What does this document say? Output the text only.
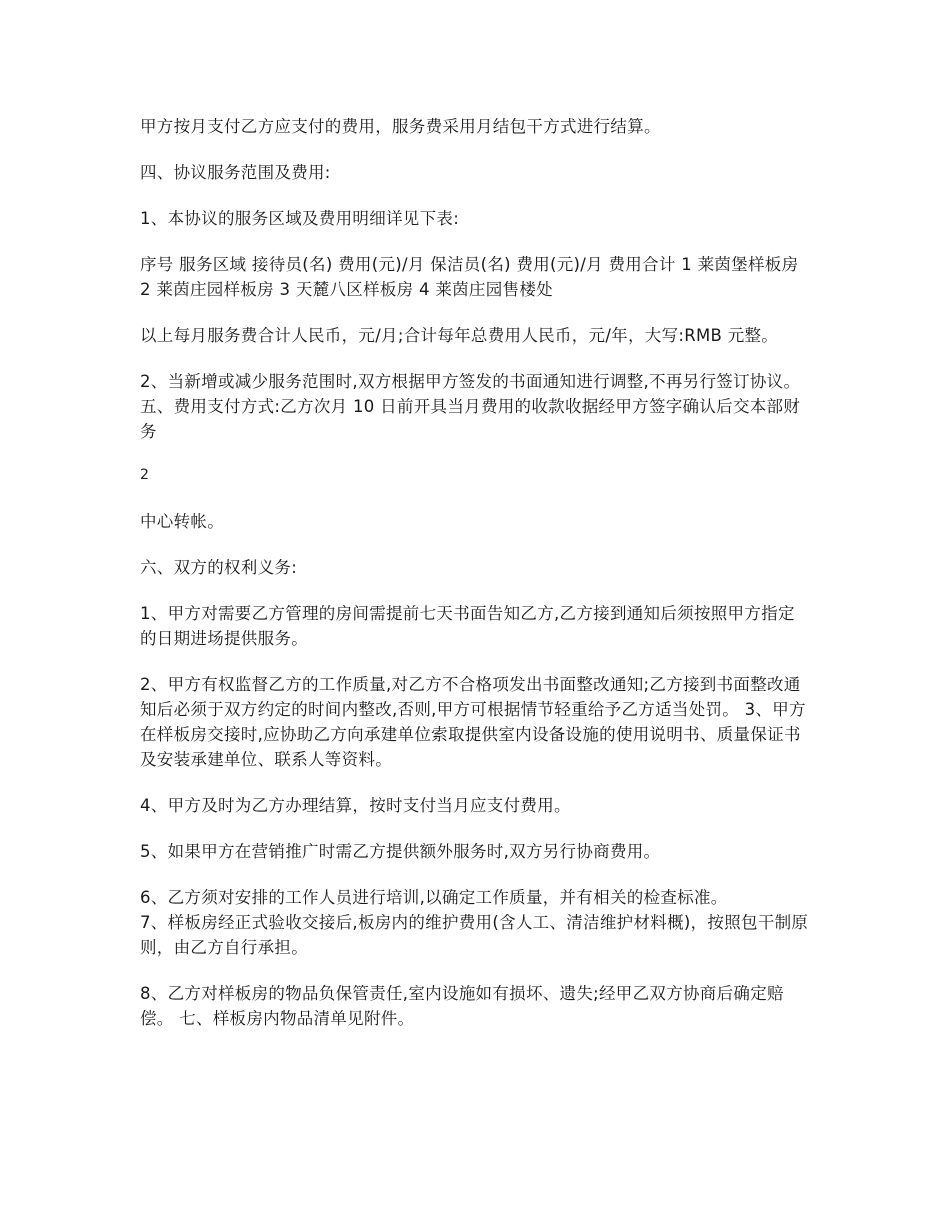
甲方按月支付乙方应支付的费用，服务费采用月结包干方式进行结算。

四、协议服务范围及费用:

1、本协议的服务区域及费用明细详见下表:

序号 服务区域 接待员(名) 费用(元)/月 保洁员(名) 费用(元)/月 费用合计 1 莱茵堡样板房 2 莱茵庄园样板房 3 天麓八区样板房 4 莱茵庄园售楼处

以上每月服务费合计人民币，元/月;合计每年总费用人民币，元/年，大写:RMB 元整。

2、当新增或减少服务范围时,双方根据甲方签发的书面通知进行调整,不再另行签订协议。 五、费用支付方式:乙方次月 10 日前开具当月费用的收款收据经甲方签字确认后交本部财务

2

中心转帐。

六、双方的权利义务:

1、甲方对需要乙方管理的房间需提前七天书面告知乙方,乙方接到通知后须按照甲方指定的日期进场提供服务。

2、甲方有权监督乙方的工作质量,对乙方不合格项发出书面整改通知;乙方接到书面整改通知后必须于双方约定的时间内整改,否则,甲方可根据情节轻重给予乙方适当处罚。 3、甲方在样板房交接时,应协助乙方向承建单位索取提供室内设备设施的使用说明书、质量保证书及安装承建单位、联系人等资料。

4、甲方及时为乙方办理结算，按时支付当月应支付费用。

5、如果甲方在营销推广时需乙方提供额外服务时,双方另行协商费用。

6、乙方须对安排的工作人员进行培训,以确定工作质量，并有相关的检查标准。

7、样板房经正式验收交接后,板房内的维护费用(含人工、清洁维护材料概)，按照包干制原则，由乙方自行承担。

8、乙方对样板房的物品负保管责任,室内设施如有损坏、遗失;经甲乙双方协商后确定赔偿。 七、样板房内物品清单见附件。
